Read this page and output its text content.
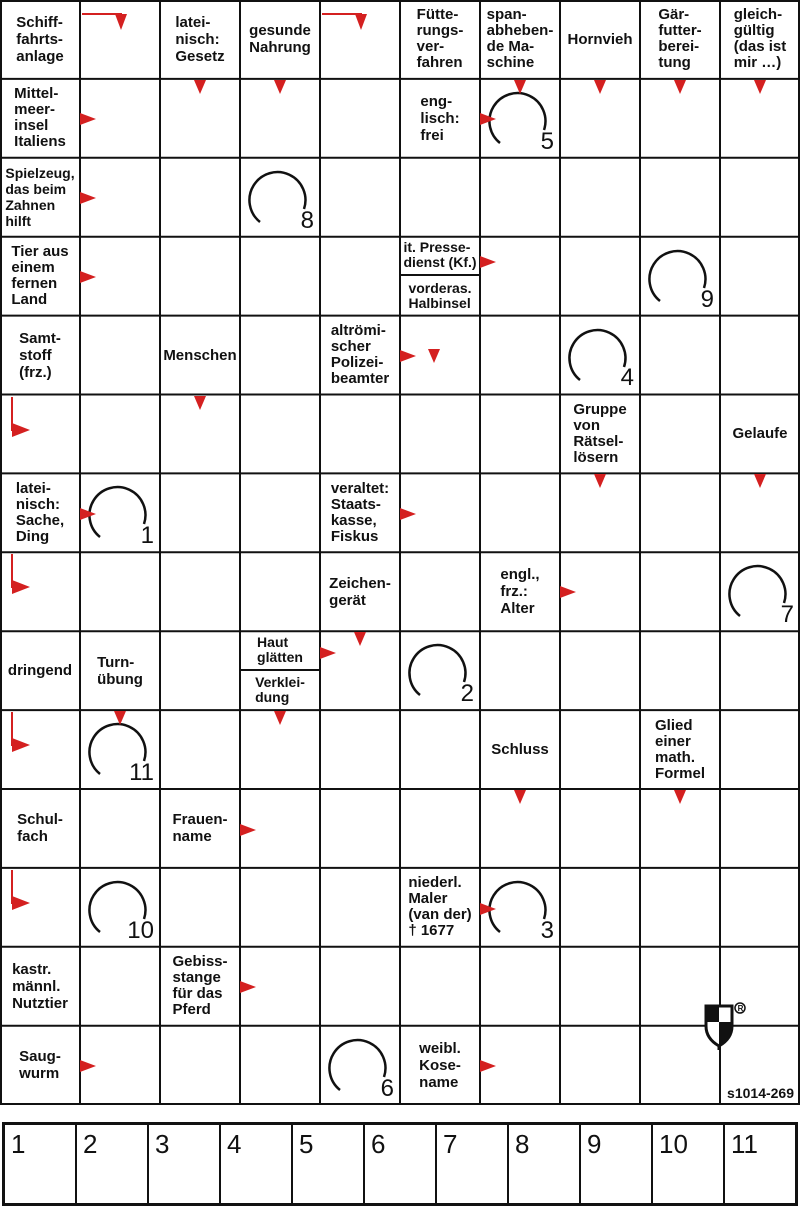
Schiff-
fahrts-
anlage
latei-
nisch:
Gesetz
gesunde
Nahrung
Fütte-
rungs-
ver-
fahren
span-
abheben-
de Ma-
schine
Hornvieh
Gär-
futter-
berei-
tung
gleich-
gültig
(das ist
mir …)
Mittel-
meer-
insel
Italiens
eng-
lisch:
frei	5
Spielzeug,
das beim
Zahnen
hilft	8
Tier aus
einem
fernen
Land
it. Presse-
dienst (Kf.)
vorderas.
Halbinsel	9
Samt-
stoff
(frz.)
Menschen
altrömi-
scher
Polizei-
beamter	4
Gruppe
von
Rätsel-
lösern
Gelaufe
latei-
nisch:
Sache,
Ding	1
veraltet:
Staats-
kasse,
Fiskus
Zeichen-
gerät
engl.,
frz.:
Alter	7
dringend Turn-
übung
Haut
glätten
Verklei-
dung	2
11
Schluss
Glied
einer
math.
Formel
Schul-
fach
Frauen-
name
10
niederl.
Maler
(van der)
† 1677	3
kastr.
männl.
Nutztier
Gebiss-
stange
für das
Pferd
Saug-
wurm
6
weibl.
Kose-
name
R
s1014-269
1 2 3 4 5 6 7 8 9 10 11
